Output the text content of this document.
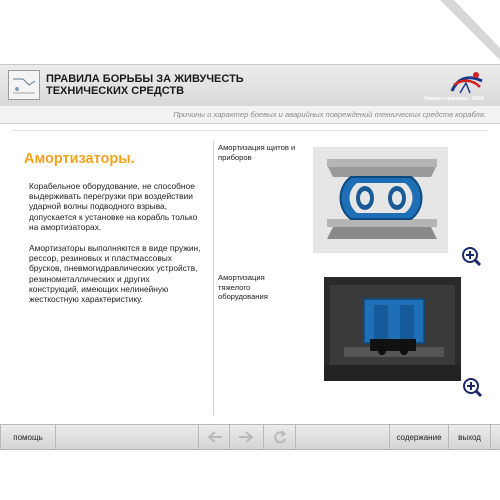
ПРАВИЛА БОРЬБЫ ЗА ЖИВУЧЕСТЬ
ТЕХНИЧЕСКИХ СРЕДСТВ
Номер страницы: 16/69
Причины и характер боевых и аварийных повреждений технических средств корабля.
Амортизаторы.
Корабельное оборудование, не способное выдерживать перегрузки при воздействии ударной волны подводного взрыва, допускается к установке на корабль только на амортизаторах.
Амортизаторы выполняются в виде пружин, рессор, резиновых и пластмассовых брусков, пневмогидравлических устройств, резинометаллических и других конструкций, имеющих нелинейную жесткостную характеристику.
Амортизация щитов и приборов
Амортизация тяжелого оборудования
помощь	содержание	выход
